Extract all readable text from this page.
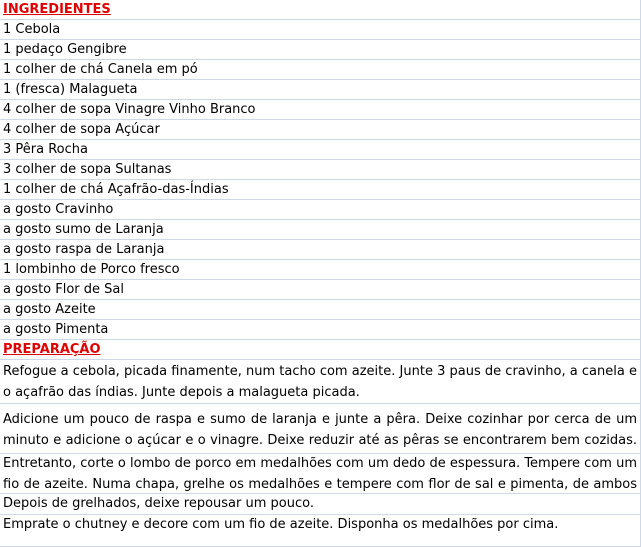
INGREDIENTES
1 Cebola
1 pedaço Gengibre
1 colher de chá Canela em pó
1 (fresca) Malagueta
4 colher de sopa Vinagre Vinho Branco
4 colher de sopa Açúcar
3 Pêra Rocha
3 colher de sopa Sultanas
1 colher de chá Açafrão-das-Índias
a gosto Cravinho
a gosto sumo de Laranja
a gosto raspa de Laranja
1 lombinho de Porco fresco
a gosto Flor de Sal
a gosto Azeite
a gosto Pimenta
PREPARAÇÃO
Refogue a cebola, picada finamente, num tacho com azeite. Junte 3 paus de cravinho, a canela e o açafrão das índias. Junte depois a malagueta picada.
Adicione um pouco de raspa e sumo de laranja e junte a pêra. Deixe cozinhar por cerca de um minuto e adicione o açúcar e o vinagre. Deixe reduzir até as pêras se encontrarem bem cozidas.
Entretanto, corte o lombo de porco em medalhões com um dedo de espessura. Tempere com um fio de azeite. Numa chapa, grelhe os medalhões e tempere com flor de sal e pimenta, de ambos
Depois de grelhados, deixe repousar um pouco.
Emprate o chutney e decore com um fio de azeite. Disponha os medalhões por cima.
